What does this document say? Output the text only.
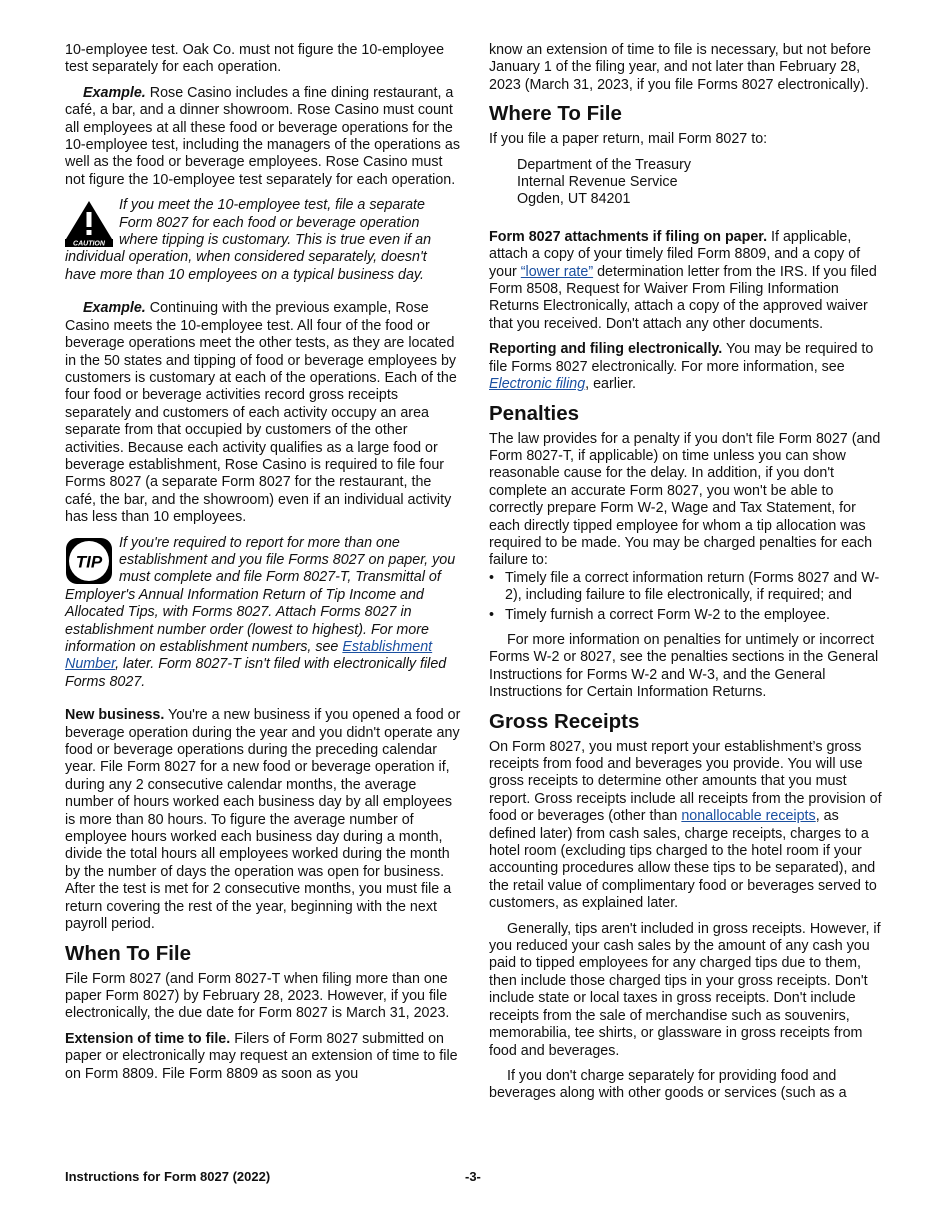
10-employee test. Oak Co. must not figure the 10-employee test separately for each operation.

Example. Rose Casino includes a fine dining restaurant, a café, a bar, and a dinner showroom. Rose Casino must count all employees at all these food or beverage operations for the 10-employee test, including the managers of the operations as well as the food or beverage employees. Rose Casino must not figure the 10-employee test separately for each operation.

CAUTION
If you meet the 10-employee test, file a separate Form 8027 for each food or beverage operation where tipping is customary. This is true even if an individual operation, when considered separately, doesn't have more than 10 employees on a typical business day.

Example. Continuing with the previous example, Rose Casino meets the 10-employee test. All four of the food or beverage operations meet the other tests, as they are located in the 50 states and tipping of food or beverage employees by customers is customary at each of the operations. Each of the four food or beverage activities record gross receipts separately and customers of each activity occupy an area separate from that occupied by customers of the other activities. Because each activity qualifies as a large food or beverage establishment, Rose Casino is required to file four Forms 8027 (a separate Form 8027 for the restaurant, the café, the bar, and the showroom) even if an individual activity has less than 10 employees.

TIP
If you're required to report for more than one establishment and you file Forms 8027 on paper, you must complete and file Form 8027-T, Transmittal of Employer's Annual Information Return of Tip Income and Allocated Tips, with Forms 8027. Attach Forms 8027 in establishment number order (lowest to highest). For more information on establishment numbers, see Establishment Number, later. Form 8027-T isn't filed with electronically filed Forms 8027.

New business. You're a new business if you opened a food or beverage operation during the year and you didn't operate any food or beverage operations during the preceding calendar year. File Form 8027 for a new food or beverage operation if, during any 2 consecutive calendar months, the average number of hours worked each business day by all employees is more than 80 hours. To figure the average number of employee hours worked each business day during a month, divide the total hours all employees worked during the month by the number of days the operation was open for business. After the test is met for 2 consecutive months, you must file a return covering the rest of the year, beginning with the next payroll period.

When To File

File Form 8027 (and Form 8027-T when filing more than one paper Form 8027) by February 28, 2023. However, if you file electronically, the due date for Form 8027 is March 31, 2023.

Extension of time to file. Filers of Form 8027 submitted on paper or electronically may request an extension of time to file on Form 8809. File Form 8809 as soon as you

know an extension of time to file is necessary, but not before January 1 of the filing year, and not later than February 28, 2023 (March 31, 2023, if you file Forms 8027 electronically).

Where To File

If you file a paper return, mail Form 8027 to:

Department of the Treasury
Internal Revenue Service
Ogden, UT 84201

Form 8027 attachments if filing on paper. If applicable, attach a copy of your timely filed Form 8809, and a copy of your “lower rate” determination letter from the IRS. If you filed Form 8508, Request for Waiver From Filing Information Returns Electronically, attach a copy of the approved waiver that you received. Don't attach any other documents.

Reporting and filing electronically. You may be required to file Forms 8027 electronically. For more information, see Electronic filing, earlier.

Penalties

The law provides for a penalty if you don't file Form 8027 (and Form 8027-T, if applicable) on time unless you can show reasonable cause for the delay. In addition, if you don't complete an accurate Form 8027, you won't be able to correctly prepare Form W-2, Wage and Tax Statement, for each directly tipped employee for whom a tip allocation was required to be made. You may be charged penalties for each failure to:

• Timely file a correct information return (Forms 8027 and W-2), including failure to file electronically, if required; and
• Timely furnish a correct Form W-2 to the employee.

For more information on penalties for untimely or incorrect Forms W-2 or 8027, see the penalties sections in the General Instructions for Forms W-2 and W-3, and the General Instructions for Certain Information Returns.

Gross Receipts

On Form 8027, you must report your establishment’s gross receipts from food and beverages you provide. You will use gross receipts to determine other amounts that you must report. Gross receipts include all receipts from the provision of food or beverages (other than nonallocable receipts, as defined later) from cash sales, charge receipts, charges to a hotel room (excluding tips charged to the hotel room if your accounting procedures allow these tips to be separated), and the retail value of complimentary food or beverages served to customers, as explained later.

Generally, tips aren't included in gross receipts. However, if you reduced your cash sales by the amount of any cash you paid to tipped employees for any charged tips due to them, then include those charged tips in your gross receipts. Don't include state or local taxes in gross receipts. Don't include receipts from the sale of merchandise such as souvenirs, memorabilia, tee shirts, or glassware in gross receipts from food and beverages.

If you don't charge separately for providing food and beverages along with other goods or services (such as a

Instructions for Form 8027 (2022)	-3-
